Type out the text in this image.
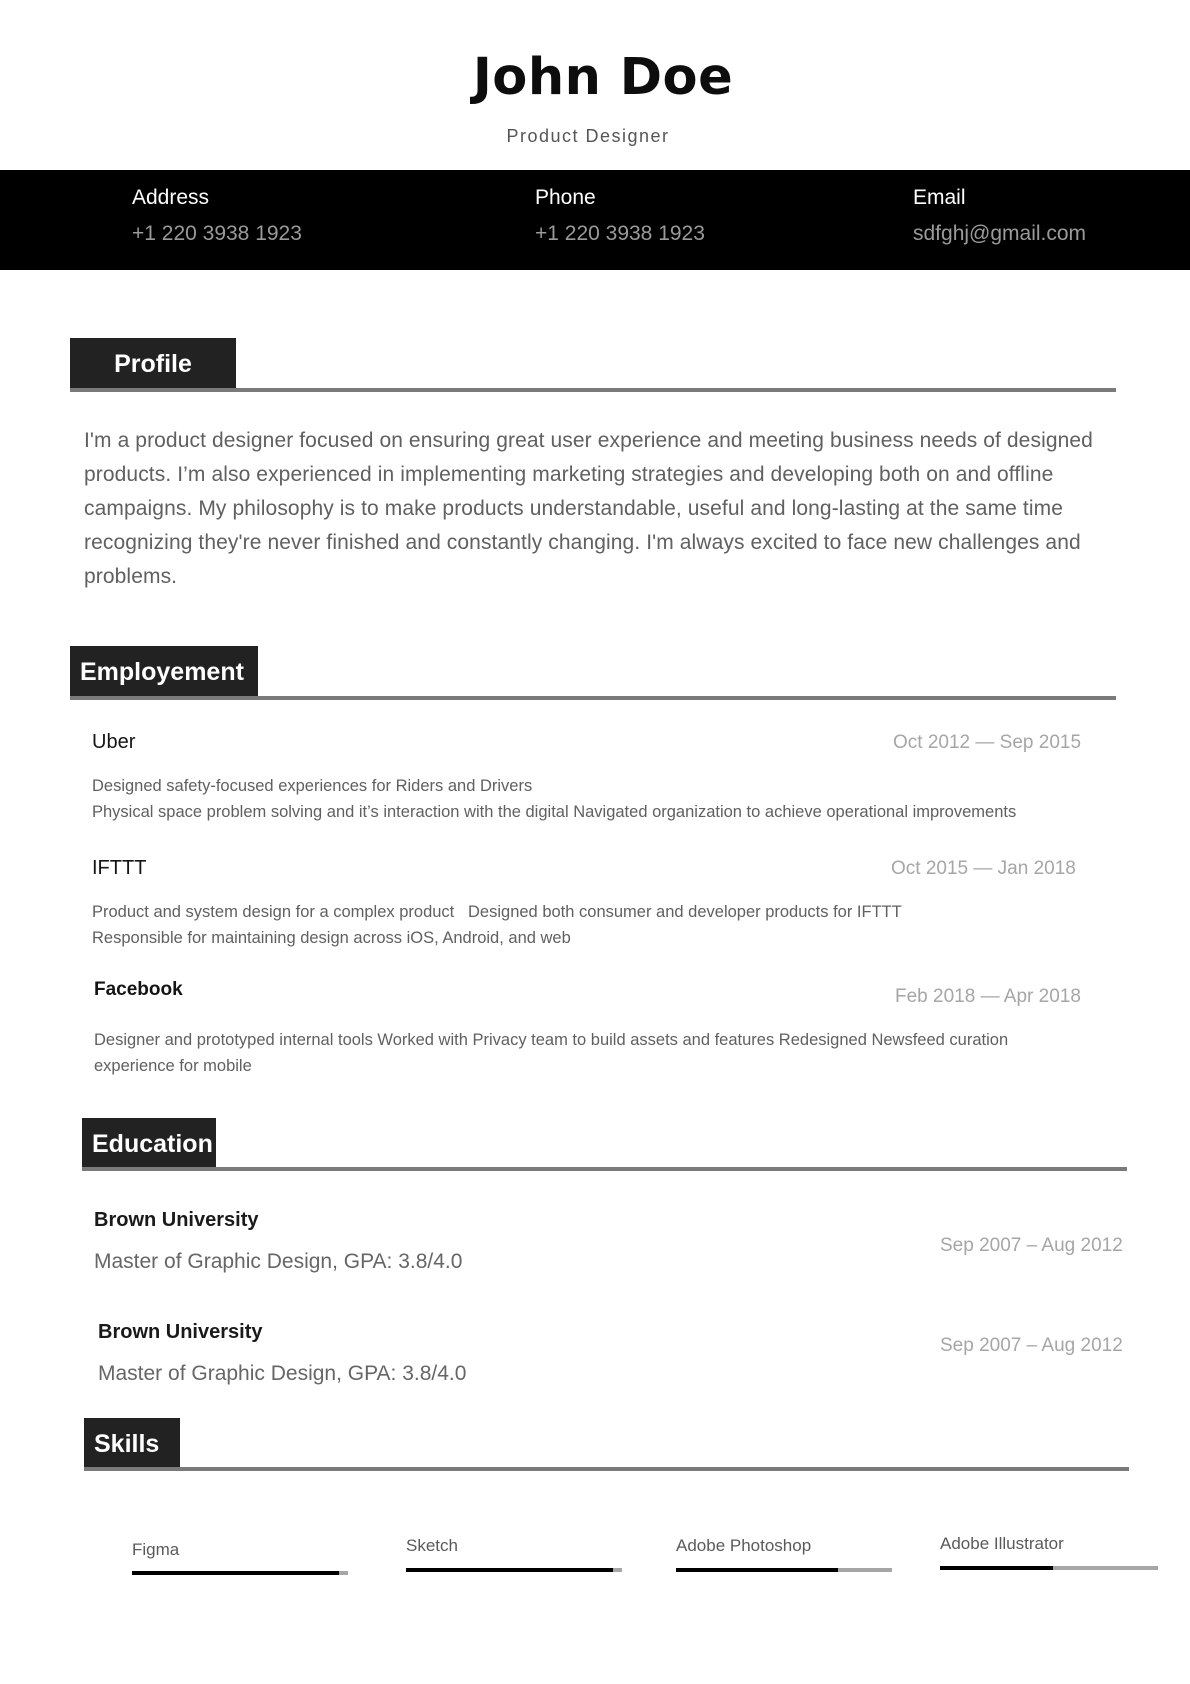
John Doe
Product Designer
Address
+1 220 3938 1923
Phone
+1 220 3938 1923
Email
sdfghj@gmail.com
Profile
I'm a product designer focused on ensuring great user experience and meeting business needs of designed products. I’m also experienced in implementing marketing strategies and developing both on and offline campaigns. My philosophy is to make products understandable, useful and long-lasting at the same time recognizing they're never finished and constantly changing. I'm always excited to face new challenges and problems.
Employement
Uber	Oct 2012 — Sep 2015
Designed safety-focused experiences for Riders and Drivers
Physical space problem solving and it’s interaction with the digital Navigated organization to achieve operational improvements
IFTTT	Oct 2015 — Jan 2018
Product and system design for a complex product   Designed both consumer and developer products for IFTTT
Responsible for maintaining design across iOS, Android, and web
Facebook	Feb 2018 — Apr 2018
Designer and prototyped internal tools Worked with Privacy team to build assets and features Redesigned Newsfeed curation experience for mobile
Education
Brown University
Master of Graphic Design, GPA: 3.8/4.0
Sep 2007 – Aug 2012
Brown University
Master of Graphic Design, GPA: 3.8/4.0
Sep 2007 – Aug 2012
Skills
Figma	Sketch	Adobe Photoshop	Adobe Illustrator
